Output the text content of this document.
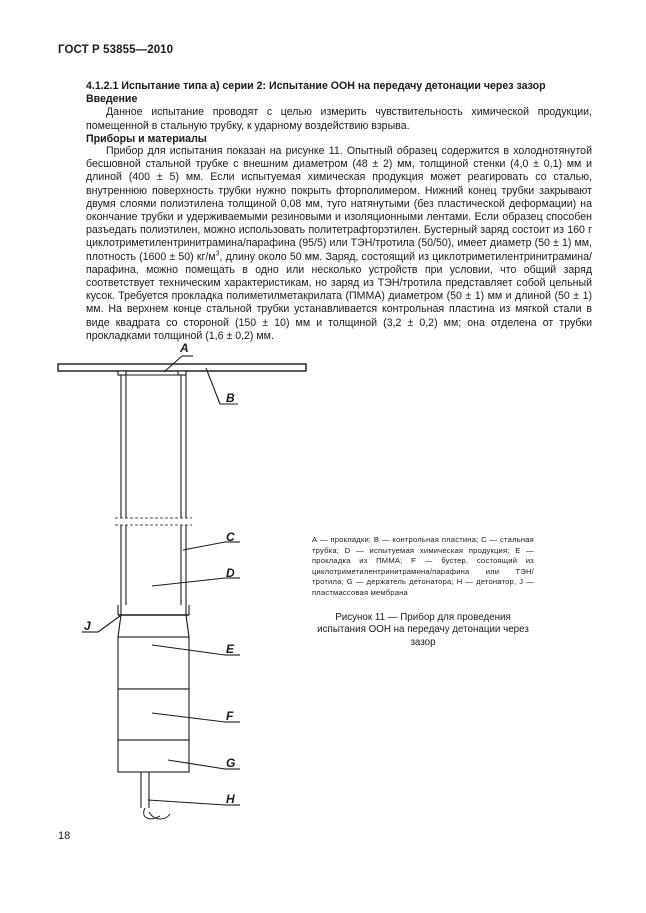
ГОСТ Р 53855—2010

4.1.2.1 Испытание типа а) серии 2: Испытание ООН на передачу детонации через зазор

Введение

Данное испытание проводят с целью измерить чувствительность химической продукции, помещенной в стальную трубку, к ударному воздействию взрыва.

Приборы и материалы

Прибор для испытания показан на рисунке 11. Опытный образец содержится в холоднотянутой бесшовной стальной трубке с внешним диаметром (48 ± 2) мм, толщиной стенки (4,0 ± 0,1) мм и длиной (400 ± 5) мм. Если испытуемая химическая продукция может реагировать со сталью, внутреннюю поверхность трубки нужно покрыть фторполимером. Нижний конец трубки закрывают двумя слоями полиэтилена толщиной 0,08 мм, туго натянутыми (без пластической деформации) на окончание трубки и удерживаемыми резиновыми и изоляционными лентами. Если образец способен разъедать полиэтилен, можно использовать политетрафторэтилен. Бустерный заряд состоит из 160 г циклотриметилентринитрамина/парафина (95/5) или ТЭН/тротила (50/50), имеет диаметр (50 ± 1) мм, плотность (1600 ± 50) $кг/м^3$, длину около 50 мм. Заряд, состоящий из циклотриметилентринитрамина/ парафина, можно помещать в одно или несколько устройств при условии, что общий заряд соответствует техническим характеристикам, но заряд из ТЭН/тротила представляет собой цельный кусок. Требуется прокладка полиметилметакрилата (ПММА) диаметром (50 ± 1) мм и длиной (50 ± 1) мм. На верхнем конце стальной трубки устанавливается контрольная пластина из мягкой стали в виде квадрата со стороной (150 ± 10) мм и толщиной (3,2 ± 0,2) мм; она отделена от трубки прокладками толщиной (1,6 ± 0,2) мм.

A
B
C
D
E
F
G
H
J
А — прокладки; В — контрольная пластина; С — стальная трубка; D — испытуемая химическая продукция; Е — прокладка из ПММА; F — бустер, состоящий из циклотриметилентринитрамина/парафина или ТЭН/тротила; G — держатель детонатора; Н — детонатор, J — пластмассовая мембрана
Рисунок 11 — Прибор для проведения испытания ООН на передачу детонации через зазор
18
